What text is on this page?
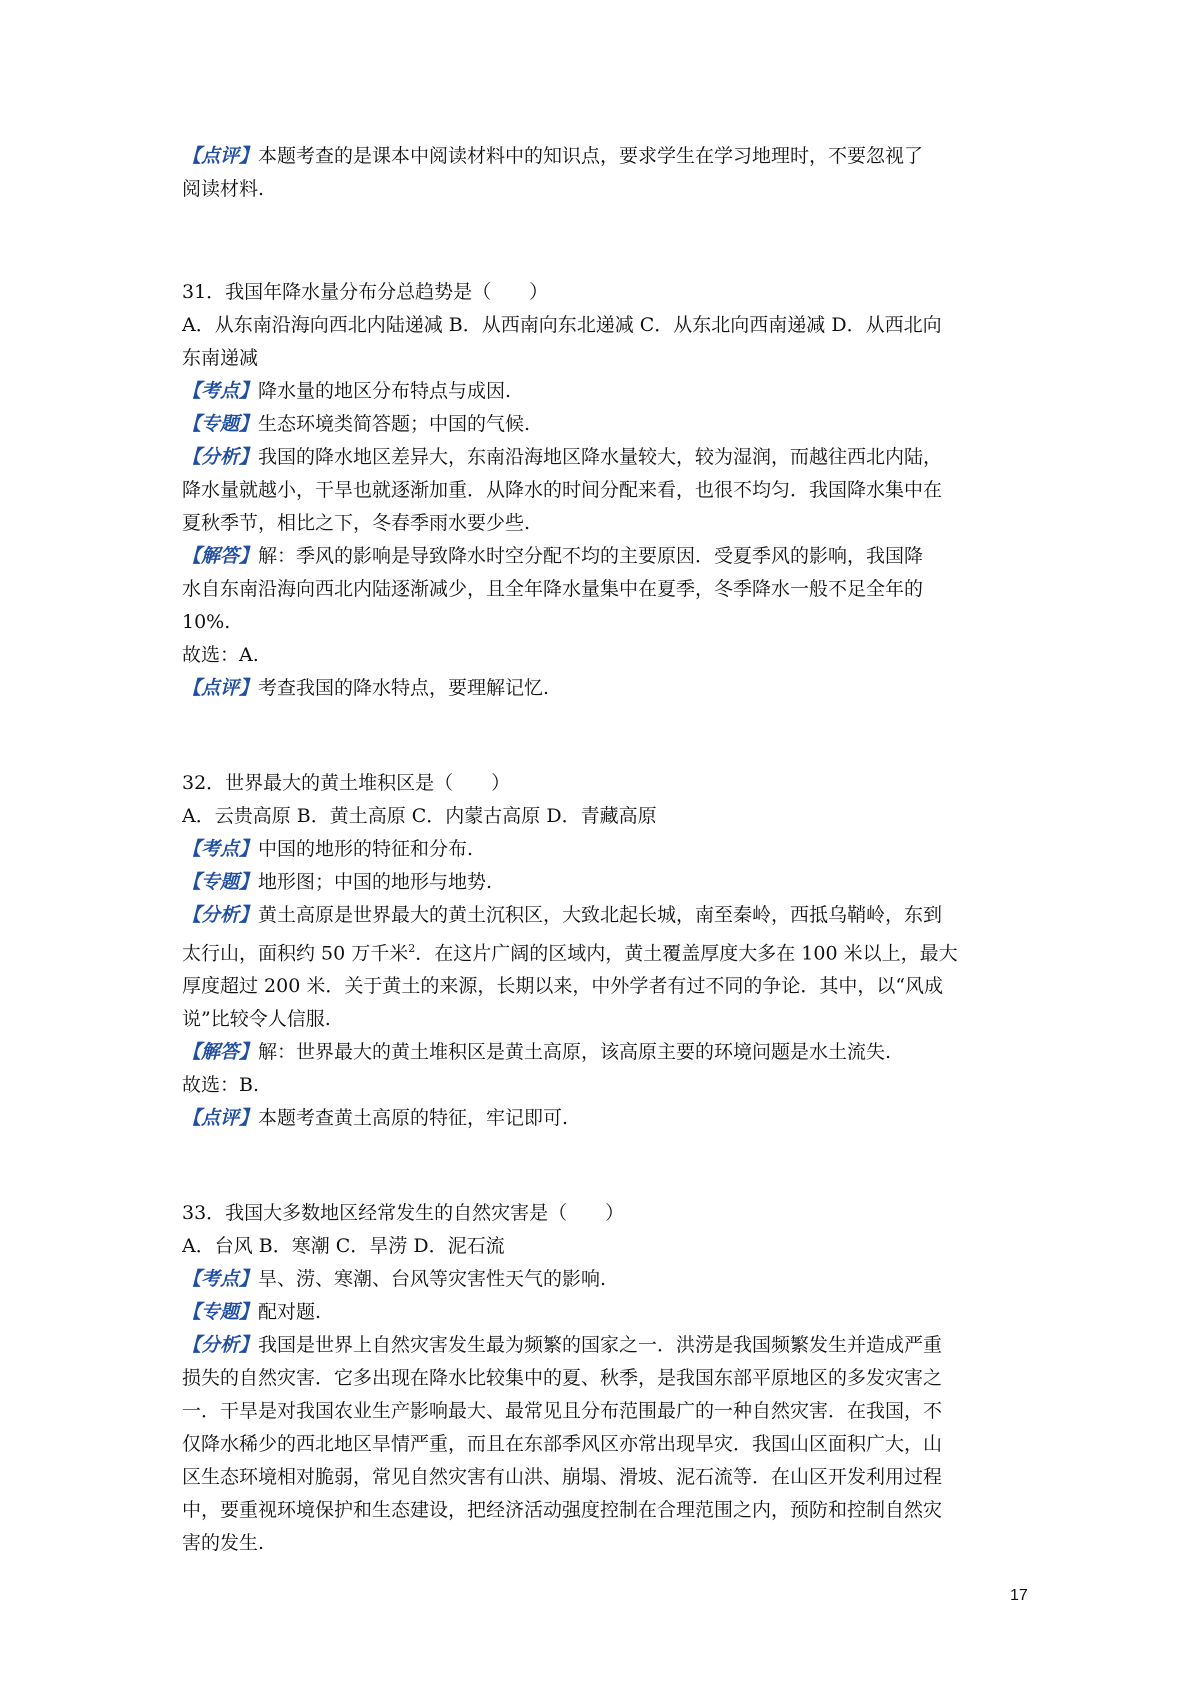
【点评】本题考查的是课本中阅读材料中的知识点，要求学生在学习地理时，不要忽视了
阅读材料.
31．我国年降水量分布分总趋势是（　　）
A．从东南沿海向西北内陆递减 B．从西南向东北递减 C．从东北向西南递减 D．从西北向
东南递减
【考点】降水量的地区分布特点与成因.
【专题】生态环境类简答题；中国的气候.
【分析】我国的降水地区差异大，东南沿海地区降水量较大，较为湿润，而越往西北内陆，
降水量就越小，干旱也就逐渐加重．从降水的时间分配来看，也很不均匀．我国降水集中在
夏秋季节，相比之下，冬春季雨水要少些.
【解答】解：季风的影响是导致降水时空分配不均的主要原因．受夏季风的影响，我国降
水自东南沿海向西北内陆逐渐减少，且全年降水量集中在夏季，冬季降水一般不足全年的
10%.
故选：A.
【点评】考查我国的降水特点，要理解记忆.
32．世界最大的黄土堆积区是（　　）
A．云贵高原 B．黄土高原 C．内蒙古高原 D．青藏高原
【考点】中国的地形的特征和分布.
【专题】地形图；中国的地形与地势.
【分析】黄土高原是世界最大的黄土沉积区，大致北起长城，南至秦岭，西抵乌鞘岭，东到
太行山，面积约 50 万千米$^2$．在这片广阔的区域内，黄土覆盖厚度大多在 100 米以上，最大
厚度超过 200 米．关于黄土的来源，长期以来，中外学者有过不同的争论．其中，以“风成
说”比较令人信服.
【解答】解：世界最大的黄土堆积区是黄土高原，该高原主要的环境问题是水土流失.
故选：B.
【点评】本题考查黄土高原的特征，牢记即可.
33．我国大多数地区经常发生的自然灾害是（　　）
A．台风 B．寒潮 C．旱涝 D．泥石流
【考点】旱、涝、寒潮、台风等灾害性天气的影响.
【专题】配对题.
【分析】我国是世界上自然灾害发生最为频繁的国家之一．洪涝是我国频繁发生并造成严重
损失的自然灾害．它多出现在降水比较集中的夏、秋季，是我国东部平原地区的多发灾害之
一．干旱是对我国农业生产影响最大、最常见且分布范围最广的一种自然灾害．在我国，不
仅降水稀少的西北地区旱情严重，而且在东部季风区亦常出现旱灾．我国山区面积广大，山
区生态环境相对脆弱，常见自然灾害有山洪、崩塌、滑坡、泥石流等．在山区开发利用过程
中，要重视环境保护和生态建设，把经济活动强度控制在合理范围之内，预防和控制自然灾
害的发生.
17
